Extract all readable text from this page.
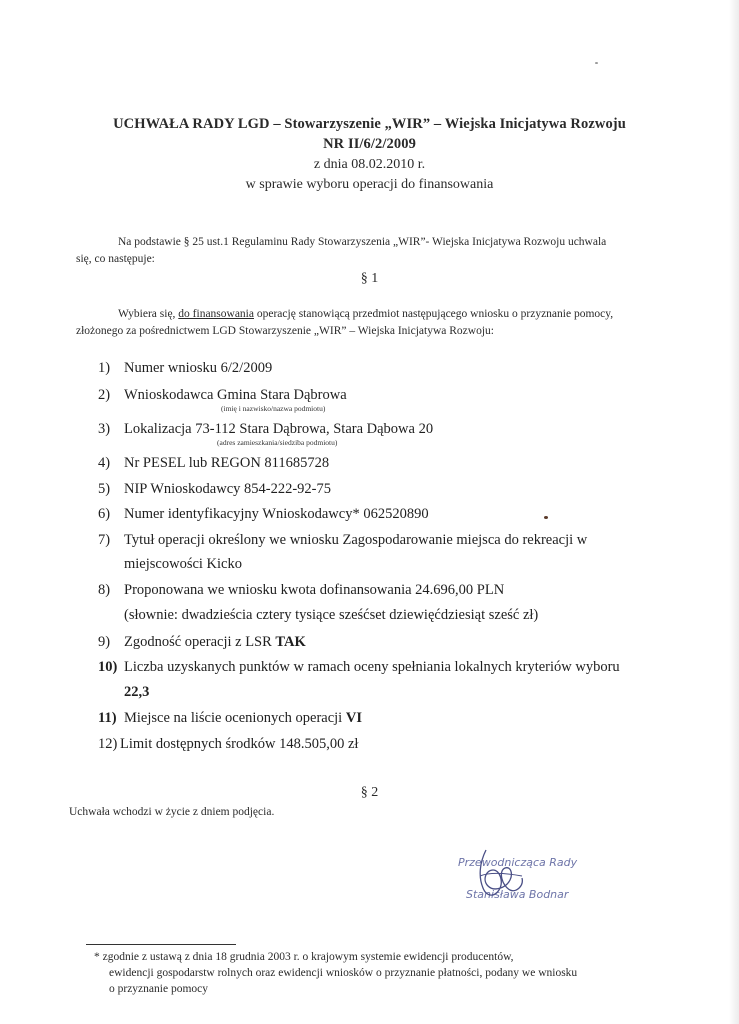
UCHWAŁA RADY LGD – Stowarzyszenie „WIR” – Wiejska Inicjatywa Rozwoju
NR II/6/2/2009
z dnia 08.02.2010 r.
w sprawie wyboru operacji do finansowania
Na podstawie § 25 ust.1 Regulaminu Rady Stowarzyszenia „WIR”- Wiejska Inicjatywa Rozwoju uchwala
się, co następuje:
§ 1
Wybiera się, do finansowania operację stanowiącą przedmiot następującego wniosku o przyznanie pomocy,
złożonego za pośrednictwem LGD Stowarzyszenie „WIR” – Wiejska Inicjatywa Rozwoju:
1) Numer wniosku 6/2/2009
2) Wnioskodawca Gmina Stara Dąbrowa
(imię i nazwisko/nazwa podmiotu)
3) Lokalizacja 73-112 Stara Dąbrowa, Stara Dąbowa 20
(adres zamieszkania/siedziba podmiotu)
4) Nr PESEL lub REGON 811685728
5) NIP Wnioskodawcy 854-222-92-75
6) Numer identyfikacyjny Wnioskodawcy* 062520890
7) Tytuł operacji określony we wniosku Zagospodarowanie miejsca do rekreacji w
miejscowości Kicko
8) Proponowana we wniosku kwota dofinansowania 24.696,00 PLN
(słownie: dwadzieścia cztery tysiące sześćset dziewięćdziesiąt sześć zł)
9) Zgodność operacji z LSR TAK
10) Liczba uzyskanych punktów w ramach oceny spełniania lokalnych kryteriów wyboru
22,3
11) Miejsce na liście ocenionych operacji VI
12) Limit dostępnych środków 148.505,00 zł
§ 2
Uchwała wchodzi w życie z dniem podjęcia.
Przewodnicząca Rady
Stanisława Bodnar
* zgodnie z ustawą z dnia 18 grudnia 2003 r. o krajowym systemie ewidencji producentów,
ewidencji gospodarstw rolnych oraz ewidencji wniosków o przyznanie płatności, podany we wniosku
o przyznanie pomocy
